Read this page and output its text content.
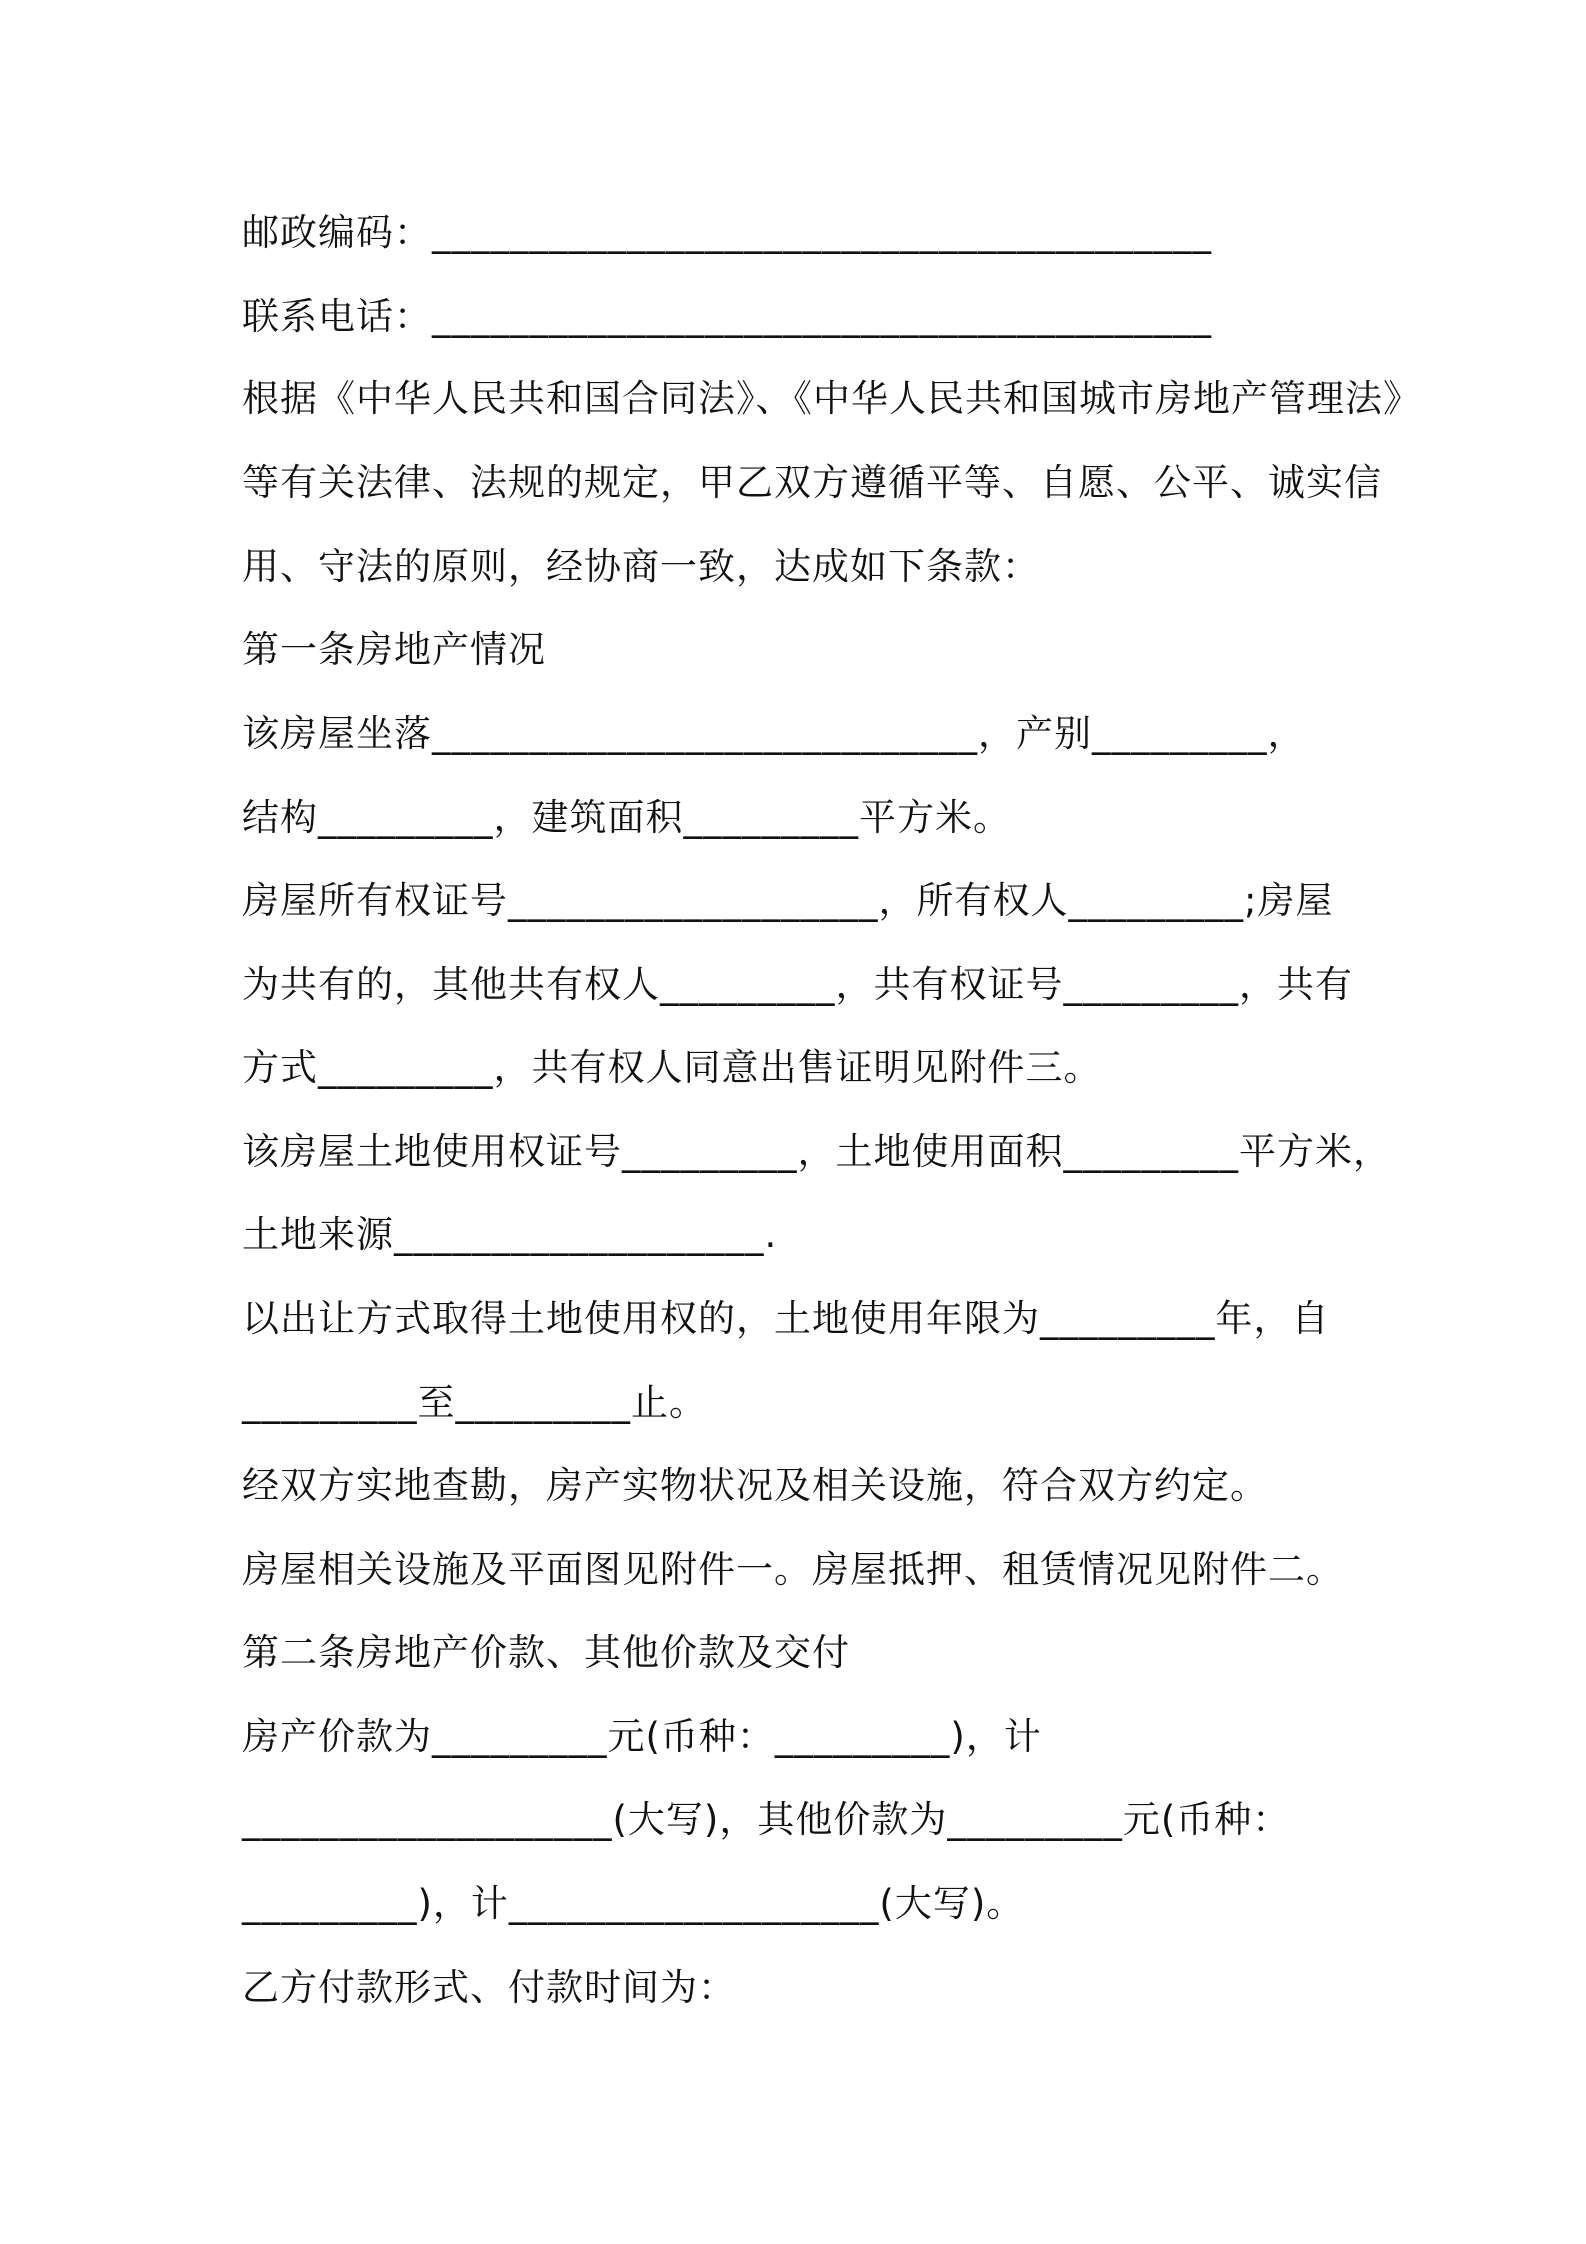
邮政编码：________________________________________
联系电话：________________________________________
根据《中华人民共和国合同法》、《中华人民共和国城市房地产管理法》
等有关法律、法规的规定，甲乙双方遵循平等、自愿、公平、诚实信
用、守法的原则，经协商一致，达成如下条款：
第一条房地产情况
该房屋坐落____________________________，产别_________，
结构_________，建筑面积_________平方米。
房屋所有权证号___________________，所有权人_________;房屋
为共有的，其他共有权人_________，共有权证号_________，共有
方式_________，共有权人同意出售证明见附件三。
该房屋土地使用权证号_________，土地使用面积_________平方米，
土地来源___________________.
以出让方式取得土地使用权的，土地使用年限为_________年，自
_________至_________止。
经双方实地查勘，房产实物状况及相关设施，符合双方约定。
房屋相关设施及平面图见附件一。房屋抵押、租赁情况见附件二。
第二条房地产价款、其他价款及交付
房产价款为_________元(币种：_________)，计
___________________(大写)，其他价款为_________元(币种：
_________)，计___________________(大写)。
乙方付款形式、付款时间为：
